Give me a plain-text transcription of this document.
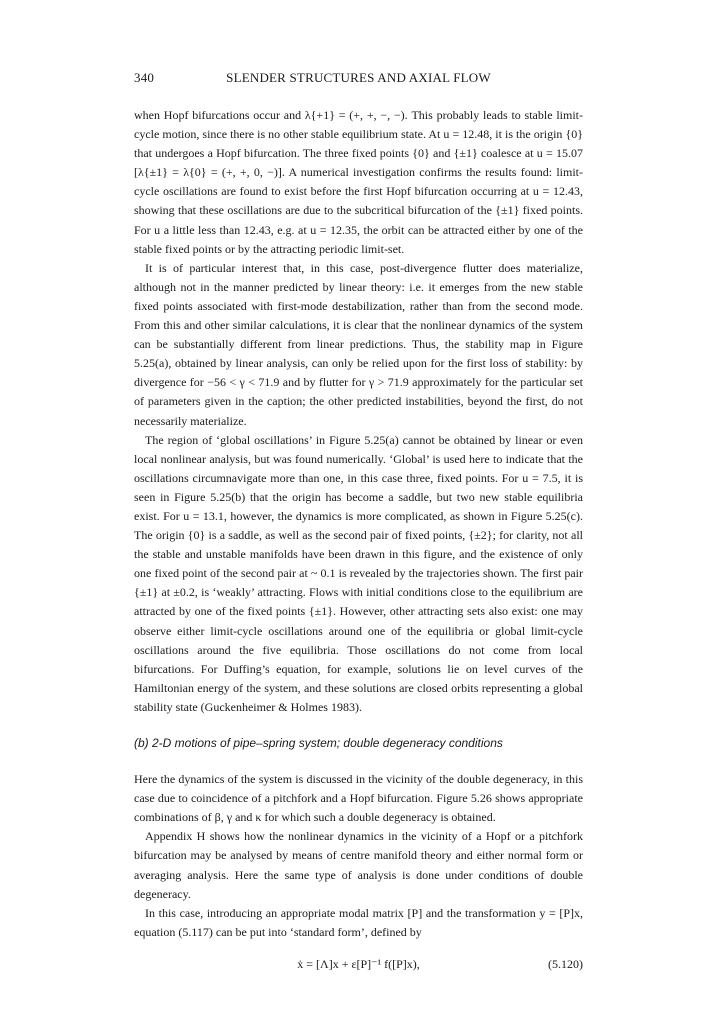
340	SLENDER STRUCTURES AND AXIAL FLOW

when Hopf bifurcations occur and λ{+1} = (+, +, −, −). This probably leads to stable limit-cycle motion, since there is no other stable equilibrium state. At u = 12.48, it is the origin {0} that undergoes a Hopf bifurcation. The three fixed points {0} and {±1} coalesce at u = 15.07 [λ{±1} = λ{0} = (+, +, 0, −)]. A numerical investigation confirms the results found: limit-cycle oscillations are found to exist before the first Hopf bifurcation occurring at u = 12.43, showing that these oscillations are due to the subcritical bifurcation of the {±1} fixed points. For u a little less than 12.43, e.g. at u = 12.35, the orbit can be attracted either by one of the stable fixed points or by the attracting periodic limit-set.

It is of particular interest that, in this case, post-divergence flutter does materialize, although not in the manner predicted by linear theory: i.e. it emerges from the new stable fixed points associated with first-mode destabilization, rather than from the second mode. From this and other similar calculations, it is clear that the nonlinear dynamics of the system can be substantially different from linear predictions. Thus, the stability map in Figure 5.25(a), obtained by linear analysis, can only be relied upon for the first loss of stability: by divergence for −56 < γ < 71.9 and by flutter for γ > 71.9 approximately for the particular set of parameters given in the caption; the other predicted instabilities, beyond the first, do not necessarily materialize.

The region of ‘global oscillations’ in Figure 5.25(a) cannot be obtained by linear or even local nonlinear analysis, but was found numerically. ‘Global’ is used here to indicate that the oscillations circumnavigate more than one, in this case three, fixed points. For u = 7.5, it is seen in Figure 5.25(b) that the origin has become a saddle, but two new stable equilibria exist. For u = 13.1, however, the dynamics is more complicated, as shown in Figure 5.25(c). The origin {0} is a saddle, as well as the second pair of fixed points, {±2}; for clarity, not all the stable and unstable manifolds have been drawn in this figure, and the existence of only one fixed point of the second pair at ~ 0.1 is revealed by the trajectories shown. The first pair {±1} at ±0.2, is ‘weakly’ attracting. Flows with initial conditions close to the equilibrium are attracted by one of the fixed points {±1}. However, other attracting sets also exist: one may observe either limit-cycle oscillations around one of the equilibria or global limit-cycle oscillations around the five equilibria. Those oscillations do not come from local bifurcations. For Duffing’s equation, for example, solutions lie on level curves of the Hamiltonian energy of the system, and these solutions are closed orbits representing a global stability state (Guckenheimer & Holmes 1983).

(b) 2-D motions of pipe–spring system; double degeneracy conditions

Here the dynamics of the system is discussed in the vicinity of the double degeneracy, in this case due to coincidence of a pitchfork and a Hopf bifurcation. Figure 5.26 shows appropriate combinations of β, γ and κ for which such a double degeneracy is obtained.

Appendix H shows how the nonlinear dynamics in the vicinity of a Hopf or a pitchfork bifurcation may be analysed by means of centre manifold theory and either normal form or averaging analysis. Here the same type of analysis is done under conditions of double degeneracy.

In this case, introducing an appropriate modal matrix [P] and the transformation y = [P]x, equation (5.117) can be put into ‘standard form’, defined by

ẋ = [Λ]x + ε[P]⁻¹ f([P]x),	(5.120)
